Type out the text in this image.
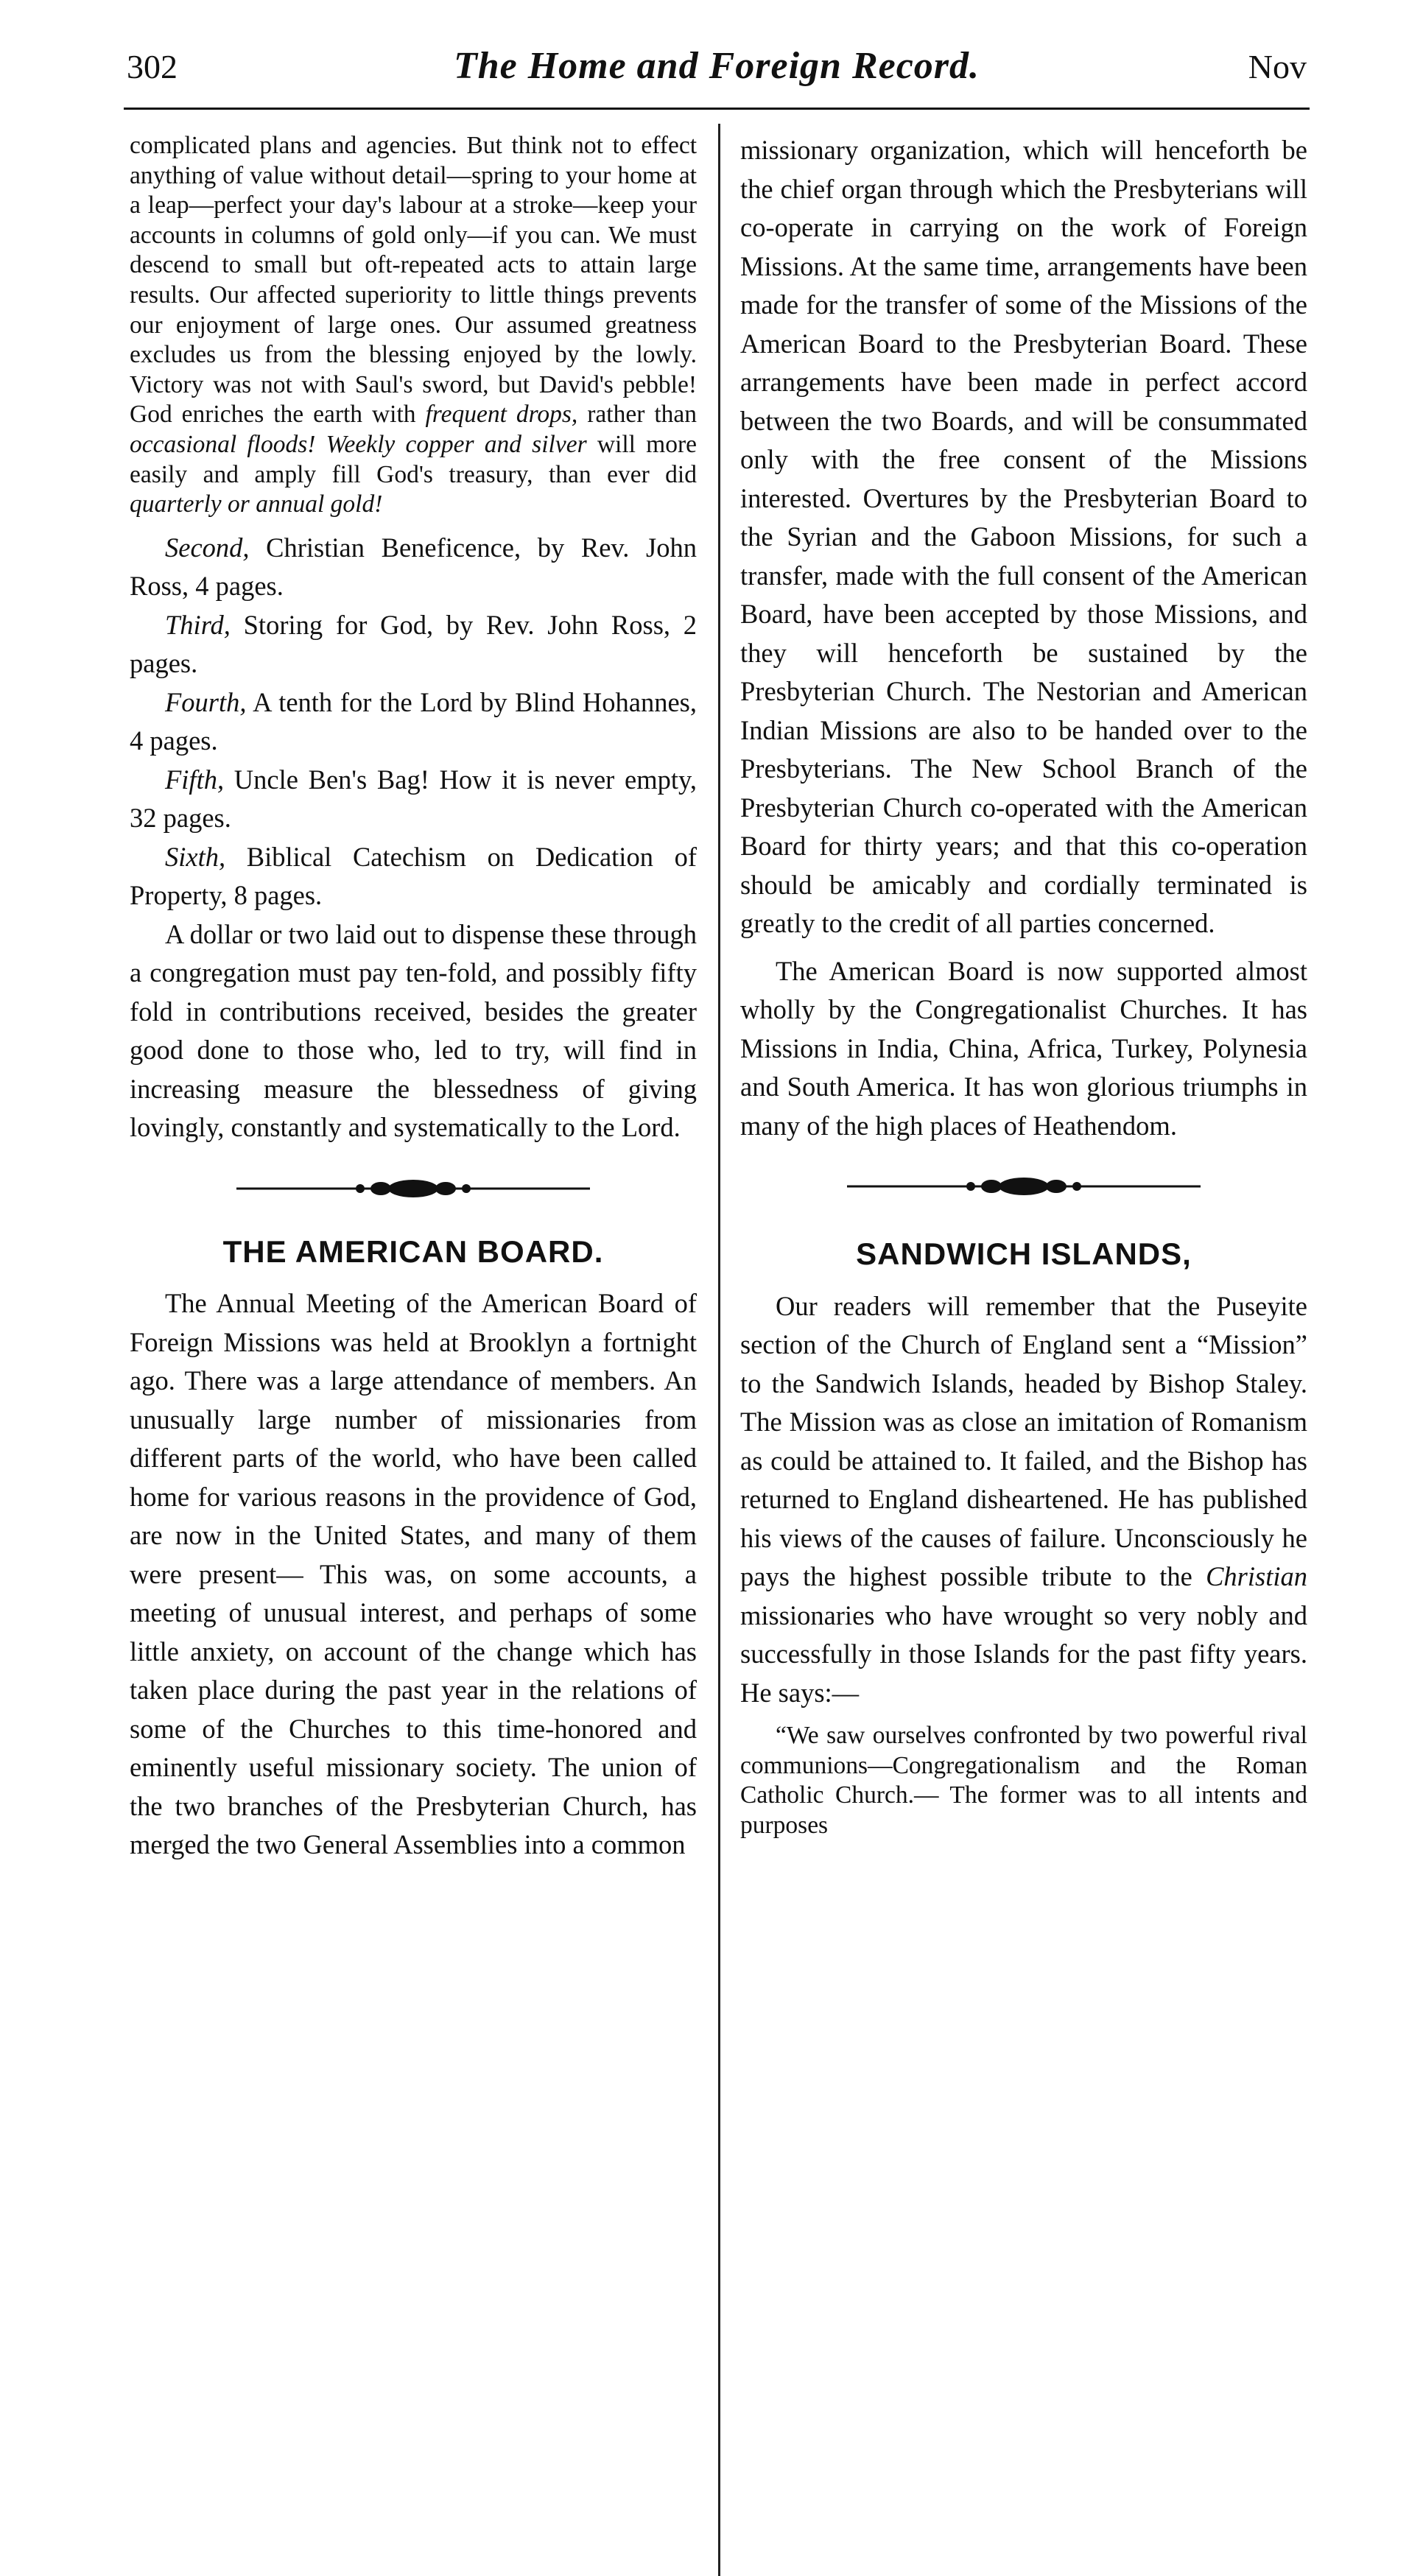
302	The Home and Foreign Record.	Nov

complicated plans and agencies. But think not to effect anything of value without detail—spring to your home at a leap—perfect your day's labour at a stroke—keep your accounts in columns of gold only—if you can. We must descend to small but oft-repeated acts to attain large results. Our affected superiority to little things prevents our enjoyment of large ones. Our assumed greatness excludes us from the blessing enjoyed by the lowly. Victory was not with Saul's sword, but David's pebble! God enriches the earth with frequent drops, rather than occasional floods! Weekly copper and silver will more easily and amply fill God's treasury, than ever did quarterly or annual gold!

Second, Christian Beneficence, by Rev. John Ross, 4 pages.

Third, Storing for God, by Rev. John Ross, 2 pages.

Fourth, A tenth for the Lord by Blind Hohannes, 4 pages.

Fifth, Uncle Ben's Bag! How it is never empty, 32 pages.

Sixth, Biblical Catechism on Dedication of Property, 8 pages.

A dollar or two laid out to dispense these through a congregation must pay ten-fold, and possibly fifty fold in contributions received, besides the greater good done to those who, led to try, will find in increasing measure the blessedness of giving lovingly, constantly and systematically to the Lord.

THE AMERICAN BOARD.

The Annual Meeting of the American Board of Foreign Missions was held at Brooklyn a fortnight ago. There was a large attendance of members. An unusually large number of missionaries from different parts of the world, who have been called home for various reasons in the providence of God, are now in the United States, and many of them were present— This was, on some accounts, a meeting of unusual interest, and perhaps of some little anxiety, on account of the change which has taken place during the past year in the relations of some of the Churches to this time-honored and eminently useful missionary society. The union of the two branches of the Presbyterian Church, has merged the two General Assemblies into a common

missionary organization, which will henceforth be the chief organ through which the Presbyterians will co-operate in carrying on the work of Foreign Missions. At the same time, arrangements have been made for the transfer of some of the Missions of the American Board to the Presbyterian Board. These arrangements have been made in perfect accord between the two Boards, and will be consummated only with the free consent of the Missions interested. Overtures by the Presbyterian Board to the Syrian and the Gaboon Missions, for such a transfer, made with the full consent of the American Board, have been accepted by those Missions, and they will henceforth be sustained by the Presbyterian Church. The Nestorian and American Indian Missions are also to be handed over to the Presbyterians. The New School Branch of the Presbyterian Church co-operated with the American Board for thirty years; and that this co-operation should be amicably and cordially terminated is greatly to the credit of all parties concerned.

The American Board is now supported almost wholly by the Congregationalist Churches. It has Missions in India, China, Africa, Turkey, Polynesia and South America. It has won glorious triumphs in many of the high places of Heathendom.

SANDWICH ISLANDS,

Our readers will remember that the Puseyite section of the Church of England sent a “Mission” to the Sandwich Islands, headed by Bishop Staley. The Mission was as close an imitation of Romanism as could be attained to. It failed, and the Bishop has returned to England disheartened. He has published his views of the causes of failure. Unconsciously he pays the highest possible tribute to the Christian missionaries who have wrought so very nobly and successfully in those Islands for the past fifty years. He says:—

“We saw ourselves confronted by two powerful rival communions—Congregationalism and the Roman Catholic Church.— The former was to all intents and purposes
